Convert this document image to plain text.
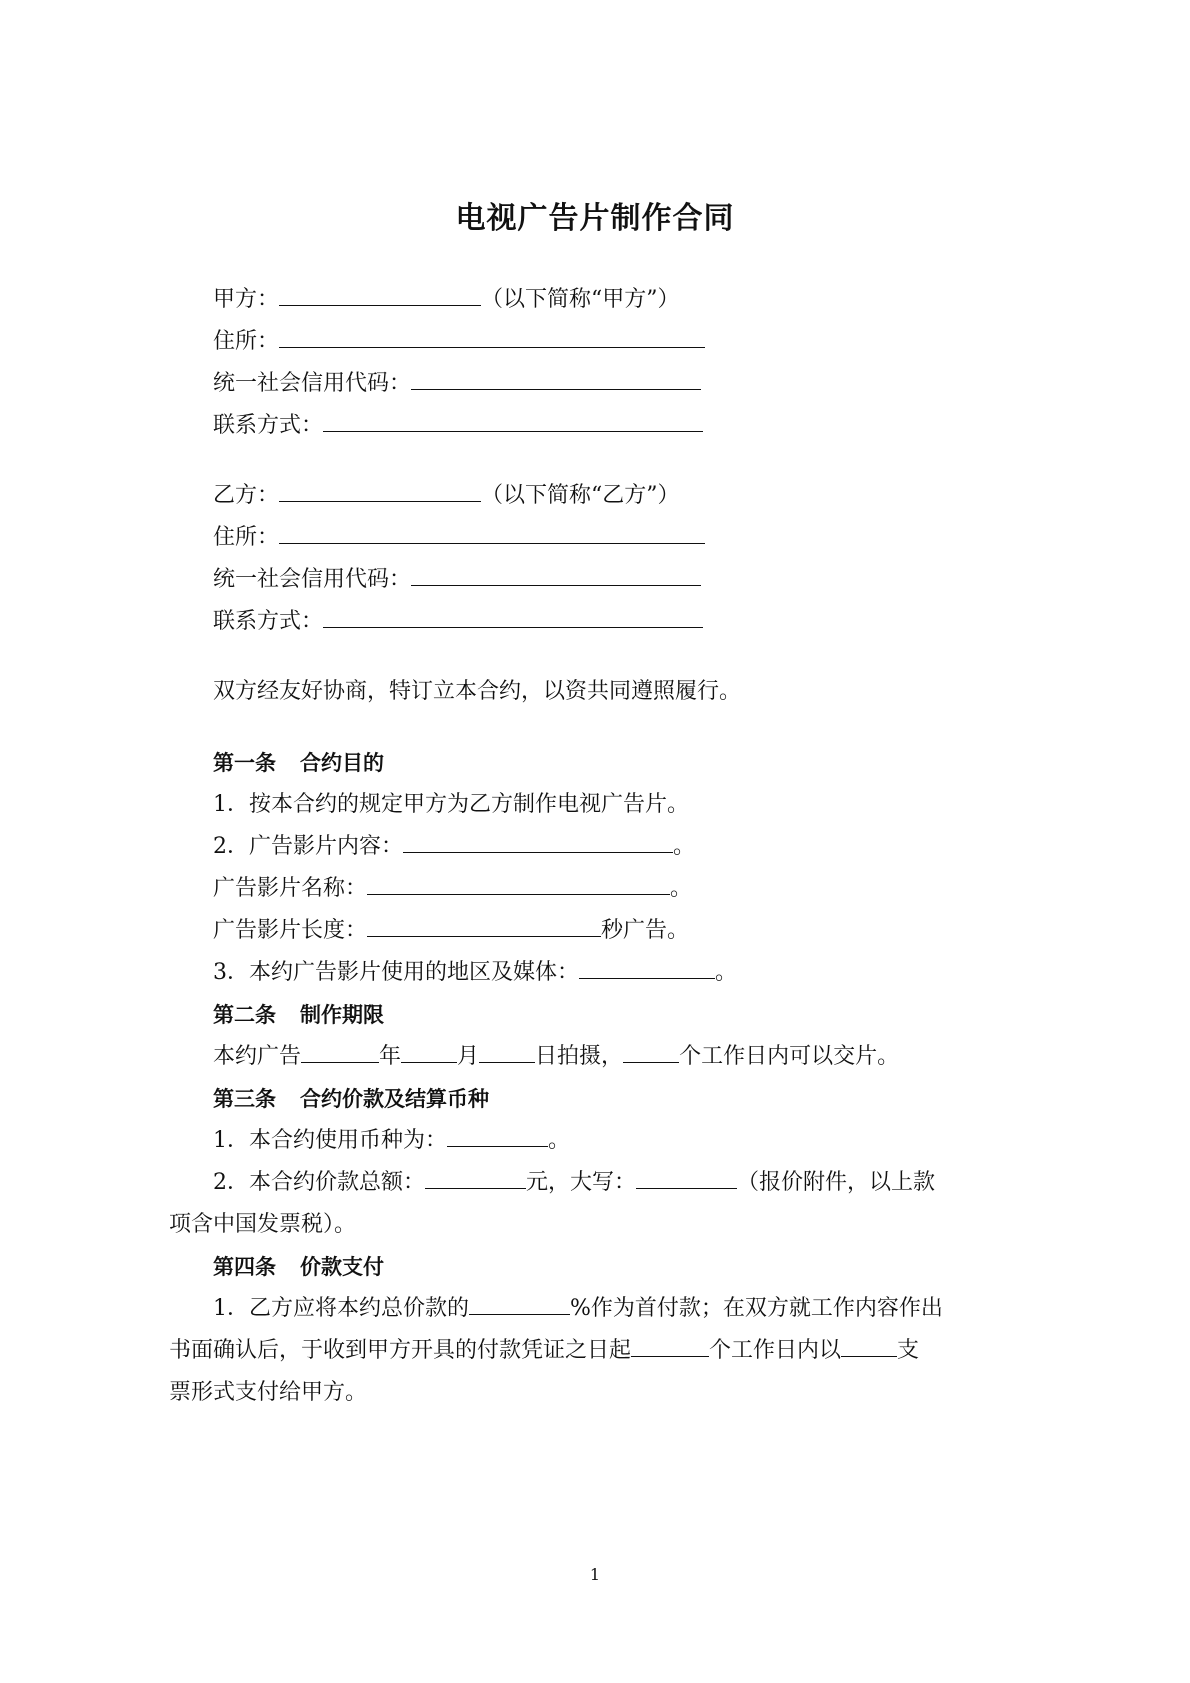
电视广告片制作合同
甲方：	（以下简称“甲方”）
住所：
统一社会信用代码：
联系方式：
乙方：	（以下简称“乙方”）
住所：
统一社会信用代码：
联系方式：
双方经友好协商，特订立本合约，以资共同遵照履行。
第一条 合约目的
1．按本合约的规定甲方为乙方制作电视广告片。
2．广告影片内容：	。
广告影片名称：	。
广告影片长度：	秒广告。
3．本约广告影片使用的地区及媒体：	。
第二条 制作期限
本约广告	年	月	日拍摄，	个工作日内可以交片。
第三条 合约价款及结算币种
1．本合约使用币种为：	。
2．本合约价款总额：	元，大写：	（报价附件，以上款
项含中国发票税）。
第四条 价款支付
1．乙方应将本约总价款的	%作为首付款；在双方就工作内容作出
书面确认后，于收到甲方开具的付款凭证之日起	个工作日内以	支
票形式支付给甲方。
1
